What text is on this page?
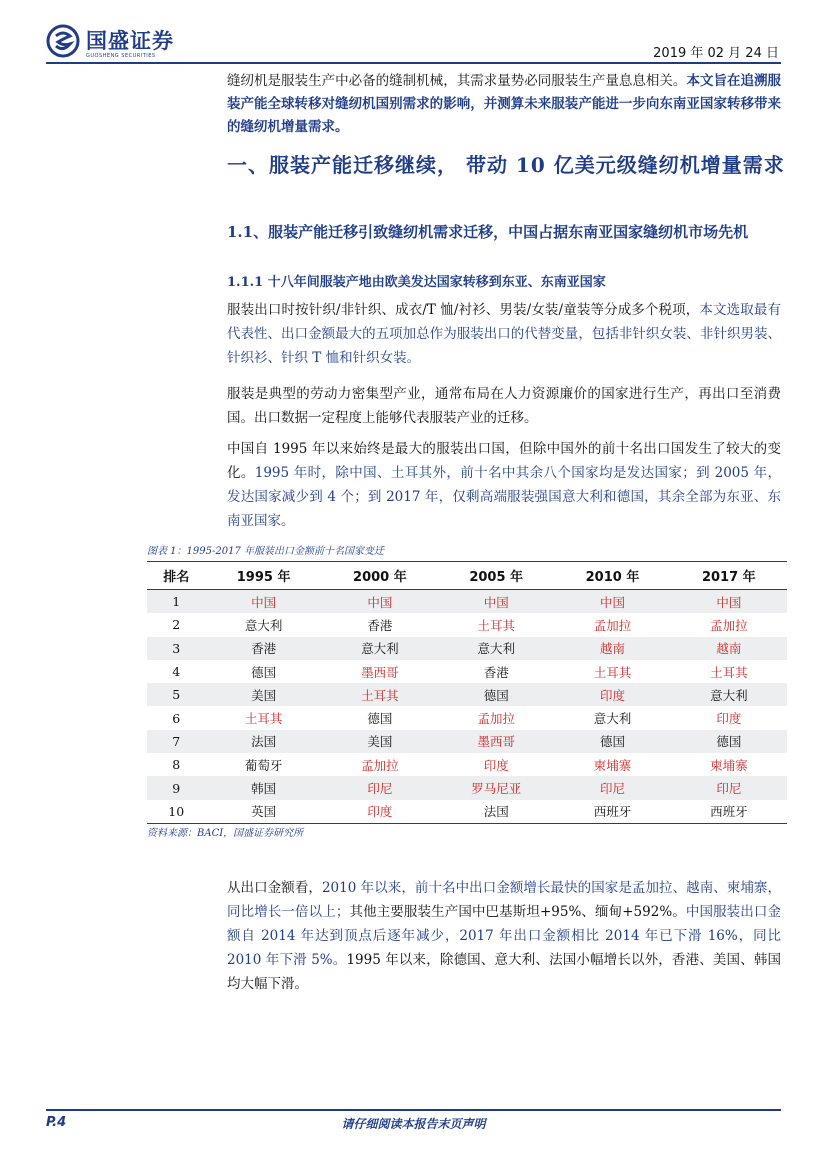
国盛证券
GUOSHENG SECURITIES	2019 年 02 月 24 日
缝纫机是服装生产中必备的缝制机械，其需求量势必同服装生产量息息相关。本文旨在追溯服装产能全球转移对缝纫机国别需求的影响，并测算未来服装产能进一步向东南亚国家转移带来的缝纫机增量需求。
一、服装产能迁移继续， 带动 10 亿美元级缝纫机增量需求
1.1、服装产能迁移引致缝纫机需求迁移，中国占据东南亚国家缝纫机市场先机
1.1.1 十八年间服装产地由欧美发达国家转移到东亚、东南亚国家
服装出口时按针织/非针织、成衣/T 恤/衬衫、男装/女装/童装等分成多个税项，本文选取最有代表性、出口金额最大的五项加总作为服装出口的代替变量，包括非针织女装、非针织男装、针织衫、针织 T 恤和针织女装。
服装是典型的劳动力密集型产业，通常布局在人力资源廉价的国家进行生产，再出口至消费国。出口数据一定程度上能够代表服装产业的迁移。
中国自 1995 年以来始终是最大的服装出口国，但除中国外的前十名出口国发生了较大的变化。1995 年时，除中国、土耳其外，前十名中其余八个国家均是发达国家；到 2005 年，发达国家减少到 4 个；到 2017 年，仅剩高端服装强国意大利和德国，其余全部为东亚、东南亚国家。
图表 1：1995-2017 年服装出口金额前十名国家变迁
排名	1995 年	2000 年	2005 年	2010 年	2017 年
1	中国	中国	中国	中国	中国
2	意大利	香港	土耳其	孟加拉	孟加拉
3	香港	意大利	意大利	越南	越南
4	德国	墨西哥	香港	土耳其	土耳其
5	美国	土耳其	德国	印度	意大利
6	土耳其	德国	孟加拉	意大利	印度
7	法国	美国	墨西哥	德国	德国
8	葡萄牙	孟加拉	印度	柬埔寨	柬埔寨
9	韩国	印尼	罗马尼亚	印尼	印尼
10	英国	印度	法国	西班牙	西班牙
资料来源：BACI，国盛证券研究所
从出口金额看，2010 年以来，前十名中出口金额增长最快的国家是孟加拉、越南、柬埔寨，同比增长一倍以上；其他主要服装生产国中巴基斯坦+95%、缅甸+592%。中国服装出口金额自 2014 年达到顶点后逐年减少，2017 年出口金额相比 2014 年已下滑 16%，同比 2010 年下滑 5%。1995 年以来，除德国、意大利、法国小幅增长以外，香港、美国、韩国均大幅下滑。
P.4	请仔细阅读本报告末页声明
